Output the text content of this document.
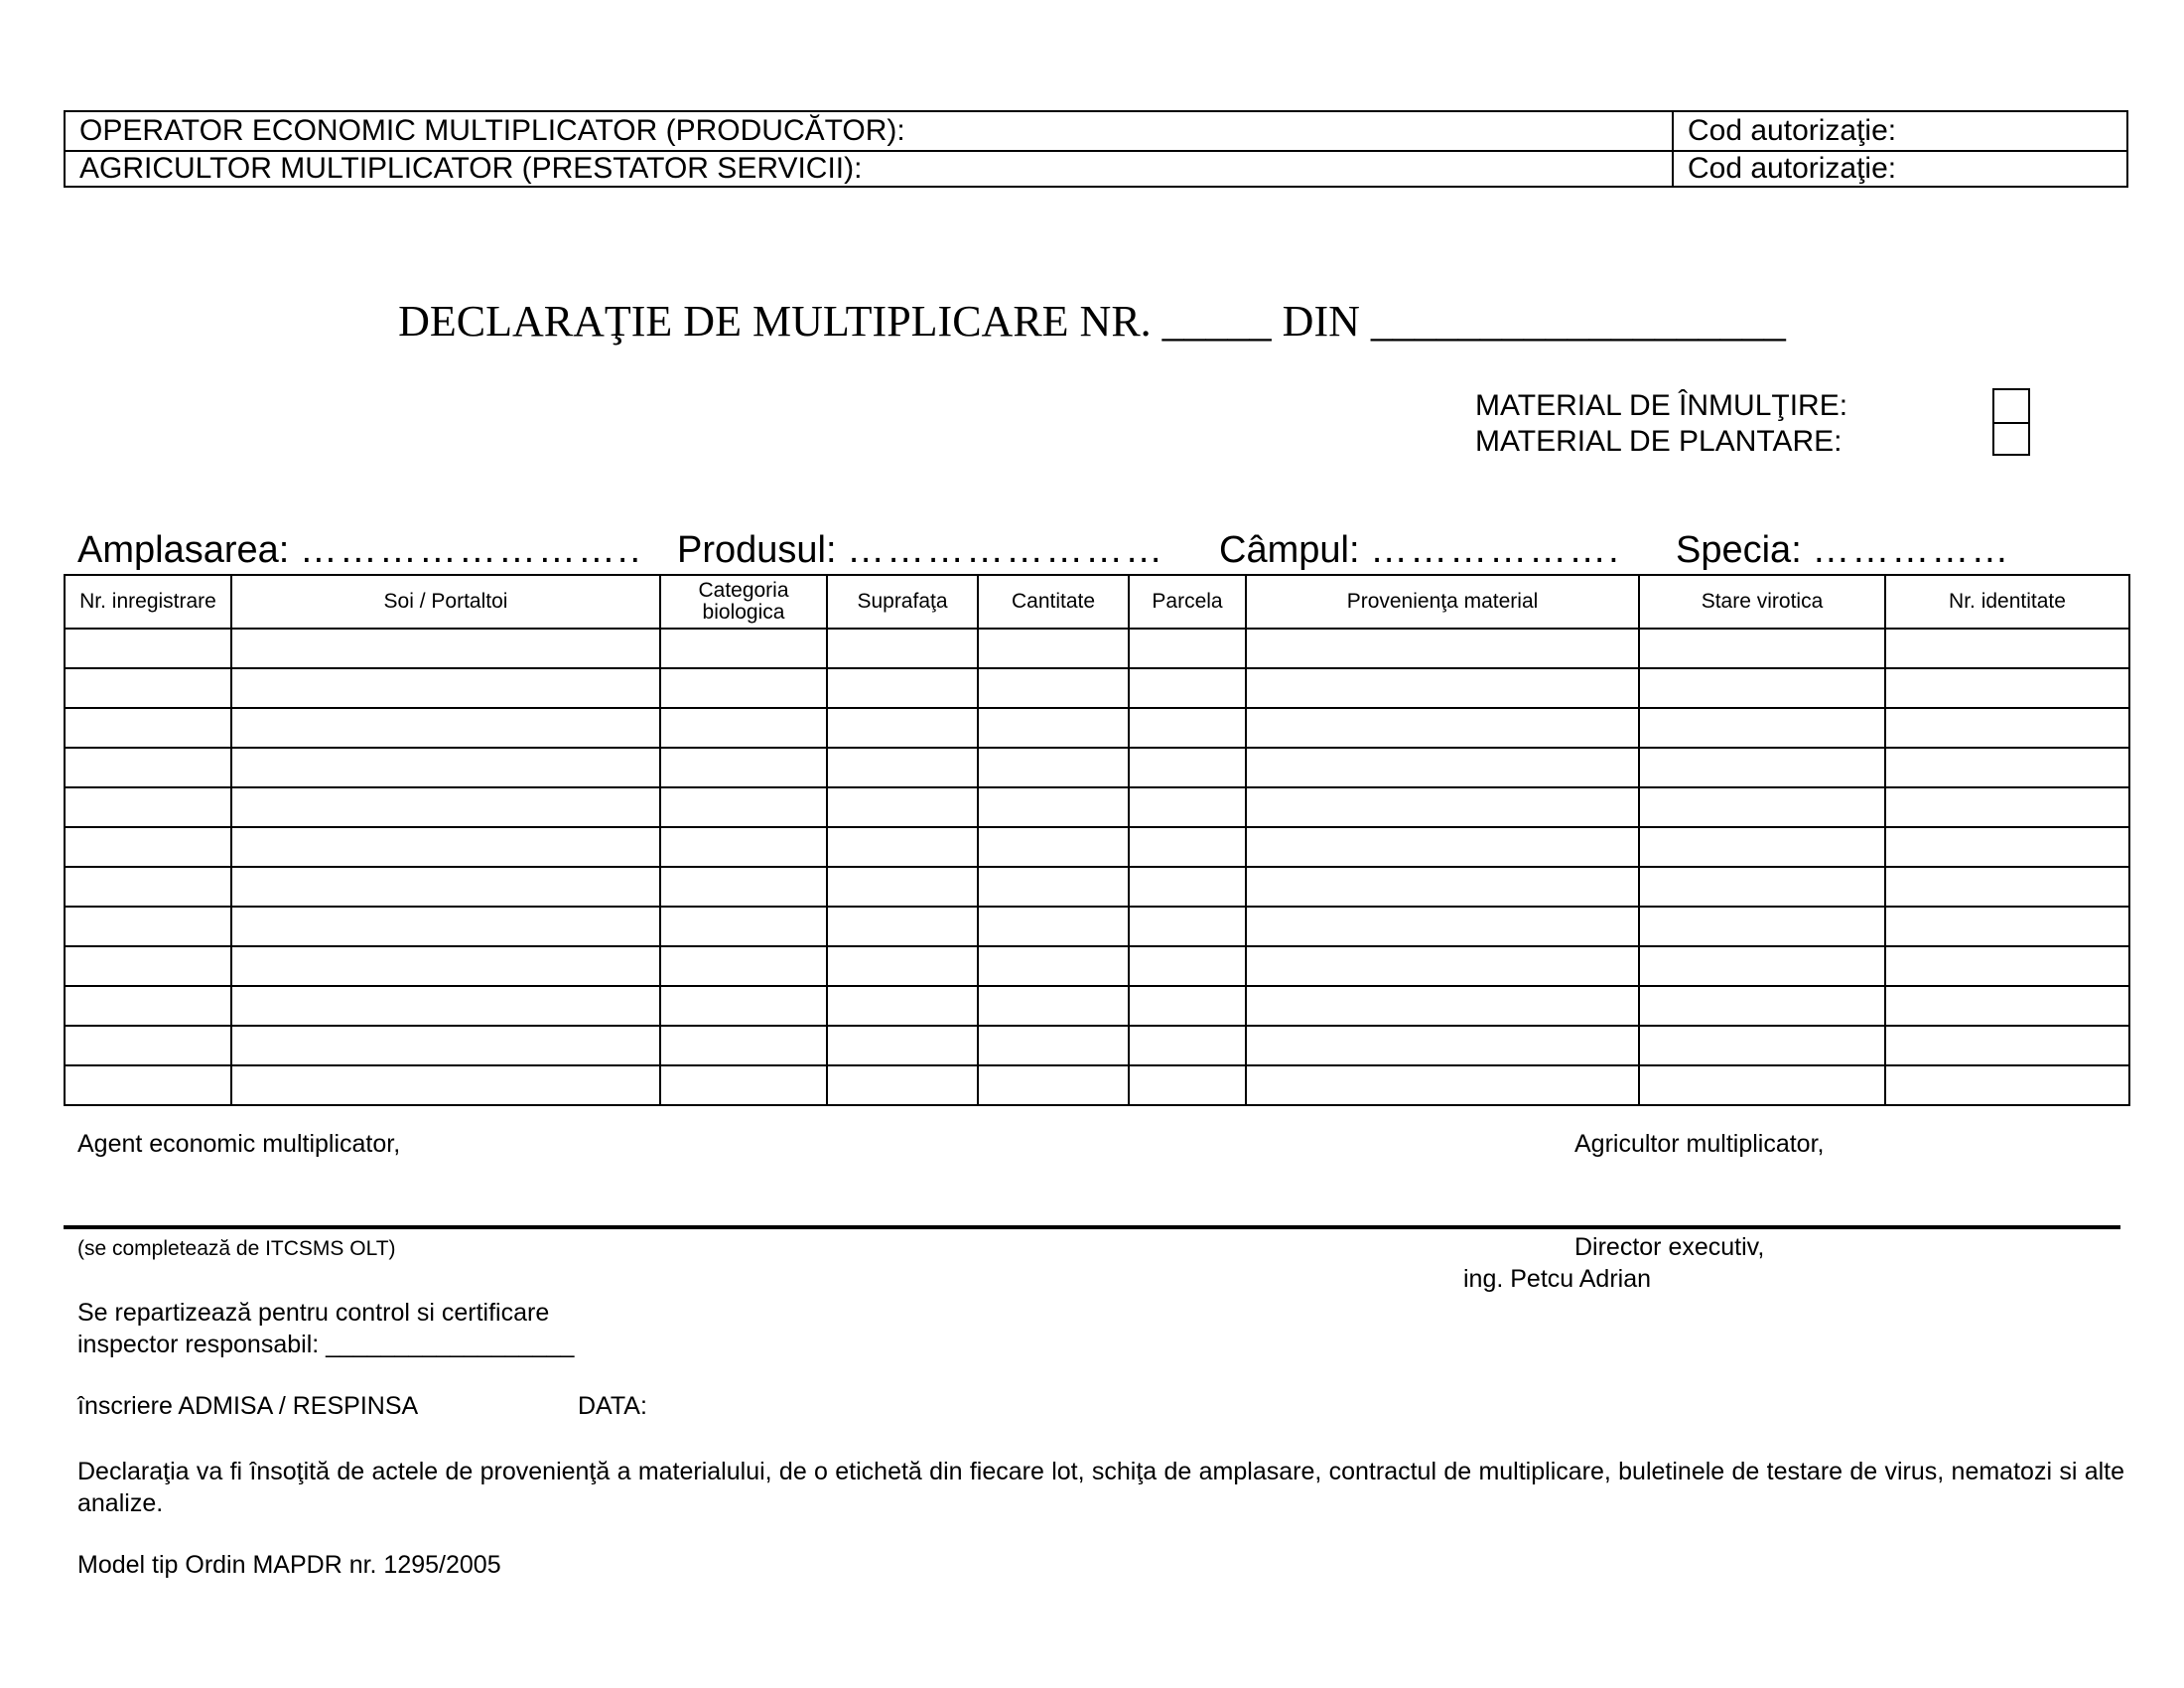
OPERATOR ECONOMIC MULTIPLICATOR (PRODUCĂTOR):	Cod autorizaţie:
AGRICULTOR MULTIPLICATOR (PRESTATOR SERVICII):	Cod autorizaţie:
DECLARAŢIE DE MULTIPLICARE NR. _____ DIN ___________________
MATERIAL DE ÎNMULŢIRE:
MATERIAL DE PLANTARE:
Amplasarea: …………………….. Produsul: …………………… Câmpul: ………………. Specia: ……………
Nr. inregistrare	Soi / Portaltoi	Categoria biologica	Suprafaţa	Cantitate	Parcela	Provenienţa material	Stare virotica	Nr. identitate

Agent economic multiplicator,	Agricultor multiplicator,
(se completează de ITCSMS OLT)	Director executiv,
ing. Petcu Adrian
Se repartizează pentru control si certificare
inspector responsabil: __________________
înscriere ADMISA / RESPINSA	DATA:
Declaraţia va fi însoţită de actele de provenienţă a materialului, de o etichetă din fiecare lot, schiţa de amplasare, contractul de multiplicare, buletinele de testare de virus, nematozi si alte analize.
Model tip Ordin MAPDR nr. 1295/2005
